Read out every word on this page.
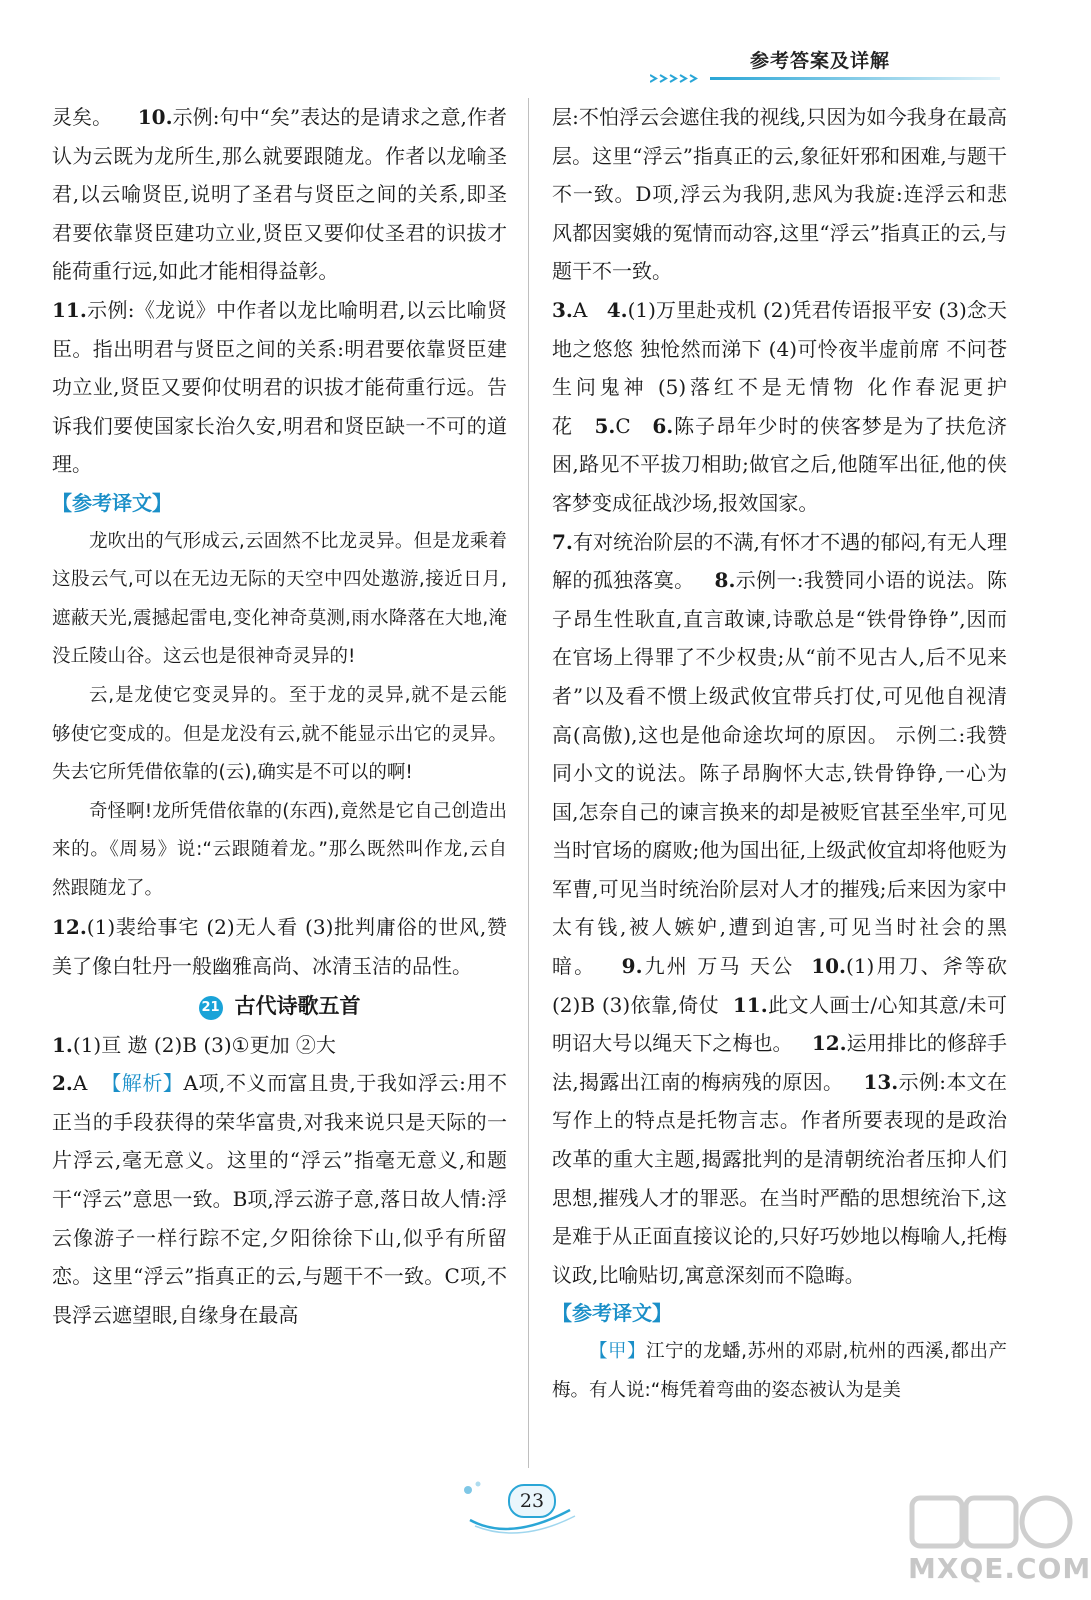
参考答案及详解

灵矣。 10.示例:句中“矣”表达的是请求之意,作者认为云既为龙所生,那么就要跟随龙。作者以龙喻圣君,以云喻贤臣,说明了圣君与贤臣之间的关系,即圣君要依靠贤臣建功立业,贤臣又要仰仗圣君的识拔才能荷重行远,如此才能相得益彰。

11.示例:《龙说》中作者以龙比喻明君,以云比喻贤臣。指出明君与贤臣之间的关系:明君要依靠贤臣建功立业,贤臣又要仰仗明君的识拔才能荷重行远。告诉我们要使国家长治久安,明君和贤臣缺一不可的道理。

【参考译文】

龙吹出的气形成云,云固然不比龙灵异。但是龙乘着这股云气,可以在无边无际的天空中四处遨游,接近日月,遮蔽天光,震撼起雷电,变化神奇莫测,雨水降落在大地,淹没丘陵山谷。这云也是很神奇灵异的!

云,是龙使它变灵异的。至于龙的灵异,就不是云能够使它变成的。但是龙没有云,就不能显示出它的灵异。失去它所凭借依靠的(云),确实是不可以的啊!

奇怪啊!龙所凭借依靠的(东西),竟然是它自己创造出来的。《周易》说:“云跟随着龙。”那么既然叫作龙,云自然跟随龙了。

12.(1)裴给事宅 (2)无人看 (3)批判庸俗的世风,赞美了像白牡丹一般幽雅高尚、冰清玉洁的品性。

21 古代诗歌五首

1.(1)亘 遨 (2)B (3)①更加 ②大

2.A 【解析】A项,不义而富且贵,于我如浮云:用不正当的手段获得的荣华富贵,对我来说只是天际的一片浮云,毫无意义。这里的“浮云”指毫无意义,和题干“浮云”意思一致。B项,浮云游子意,落日故人情:浮云像游子一样行踪不定,夕阳徐徐下山,似乎有所留恋。这里“浮云”指真正的云,与题干不一致。C项,不畏浮云遮望眼,自缘身在最高

层:不怕浮云会遮住我的视线,只因为如今我身在最高层。这里“浮云”指真正的云,象征奸邪和困难,与题干不一致。D项,浮云为我阴,悲风为我旋:连浮云和悲风都因窦娥的冤情而动容,这里“浮云”指真正的云,与题干不一致。

3.A 4.(1)万里赴戎机 (2)凭君传语报平安 (3)念天地之悠悠 独怆然而涕下 (4)可怜夜半虚前席 不问苍生问鬼神 (5)落红不是无情物 化作春泥更护花 5.C 6.陈子昂年少时的侠客梦是为了扶危济困,路见不平拔刀相助;做官之后,他随军出征,他的侠客梦变成征战沙场,报效国家。

7.有对统治阶层的不满,有怀才不遇的郁闷,有无人理解的孤独落寞。 8.示例一:我赞同小语的说法。陈子昂生性耿直,直言敢谏,诗歌总是“铁骨铮铮”,因而在官场上得罪了不少权贵;从“前不见古人,后不见来者”以及看不惯上级武攸宜带兵打仗,可见他自视清高(高傲),这也是他命途坎坷的原因。 示例二:我赞同小文的说法。陈子昂胸怀大志,铁骨铮铮,一心为国,怎奈自己的谏言换来的却是被贬官甚至坐牢,可见当时官场的腐败;他为国出征,上级武攸宜却将他贬为军曹,可见当时统治阶层对人才的摧残;后来因为家中太有钱,被人嫉妒,遭到迫害,可见当时社会的黑暗。 9.九州 万马 天公 10.(1)用刀、斧等砍 (2)B (3)依靠,倚仗 11.此文人画士/心知其意/未可明诏大号以绳天下之梅也。 12.运用排比的修辞手法,揭露出江南的梅病残的原因。 13.示例:本文在写作上的特点是托物言志。作者所要表现的是政治改革的重大主题,揭露批判的是清朝统治者压抑人们思想,摧残人才的罪恶。在当时严酷的思想统治下,这是难于从正面直接议论的,只好巧妙地以梅喻人,托梅议政,比喻贴切,寓意深刻而不隐晦。

【参考译文】

【甲】江宁的龙蟠,苏州的邓尉,杭州的西溪,都出产梅。有人说:“梅凭着弯曲的姿态被认为是美

23
MXQE.COM
